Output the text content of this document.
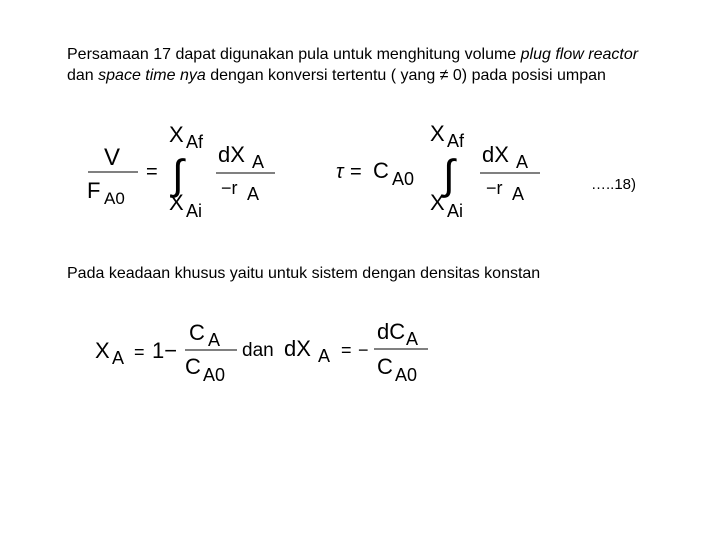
Persamaan 17 dapat digunakan pula untuk menghitung volume plug flow reactor dan space time nya dengan konversi tertentu ( yang ≠ 0) pada posisi umpan
V
F A0
=
X Af
∫
X Ai
dX A
−r A
τ = C A0
X Af
∫
X Ai
dX A
−r A	…..18)
Pada keadaan khusus yaitu untuk sistem dengan densitas konstan
X A = 1−
C A
C A0
dan dX A = −
dC A
C A0
